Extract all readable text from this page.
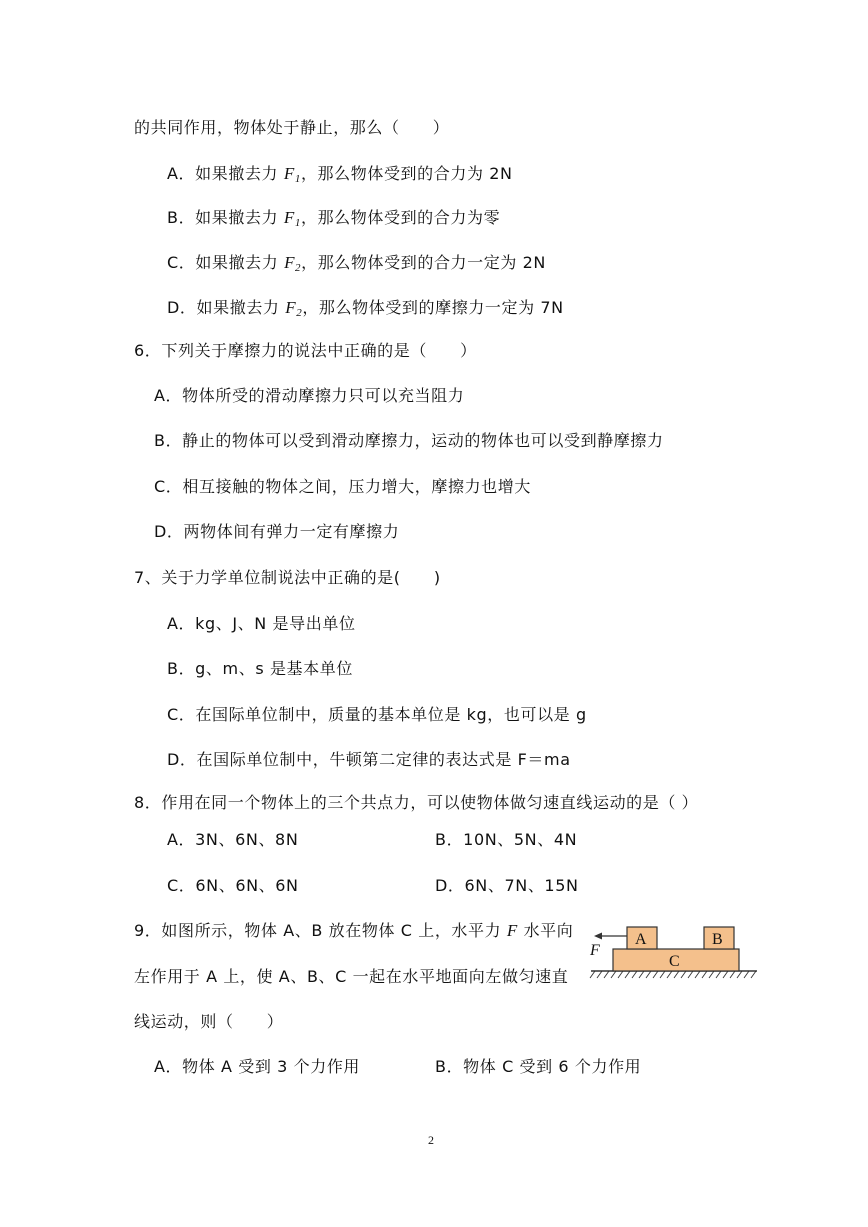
的共同作用，物体处于静止，那么（　　）
A．如果撤去力 $F_1$，那么物体受到的合力为 2N
B．如果撤去力 $F_1$，那么物体受到的合力为零
C．如果撤去力 $F_2$，那么物体受到的合力一定为 2N
D．如果撤去力 $F_2$，那么物体受到的摩擦力一定为 7N
6．下列关于摩擦力的说法中正确的是（　　）
A．物体所受的滑动摩擦力只可以充当阻力
B．静止的物体可以受到滑动摩擦力，运动的物体也可以受到静摩擦力
C．相互接触的物体之间，压力增大，摩擦力也增大
D．两物体间有弹力一定有摩擦力
7、关于力学单位制说法中正确的是(　　)
A．kg、J、N 是导出单位
B．g、m、s 是基本单位
C．在国际单位制中，质量的基本单位是 kg，也可以是 g
D．在国际单位制中，牛顿第二定律的表达式是 F＝ma
8．作用在同一个物体上的三个共点力，可以使物体做匀速直线运动的是（ ）
A．3N、6N、8N	B．10N、5N、4N
C．6N、6N、6N	D．6N、7N、15N
9．如图所示，物体 A、B 放在物体 C 上，水平力 F 水平向
左作用于 A 上，使 A、B、C 一起在水平地面向左做匀速直
线运动，则（　　）
C
A	B
F
A．物体 A 受到 3 个力作用	B．物体 C 受到 6 个力作用
2
